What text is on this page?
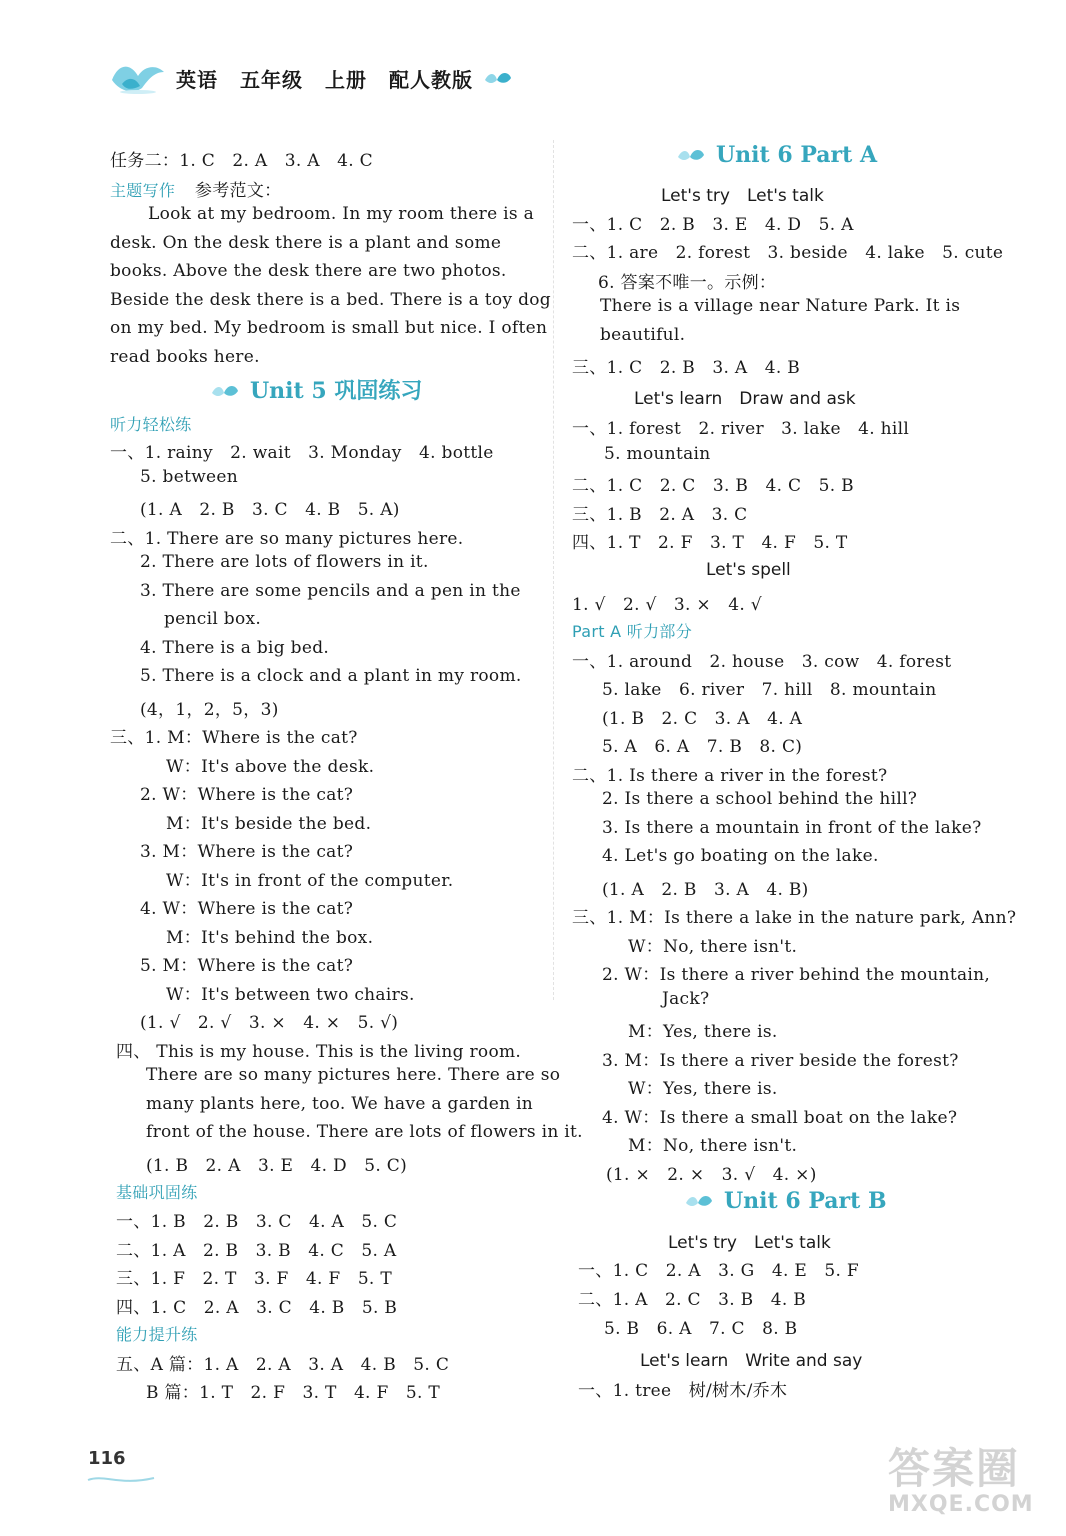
英语 五年级 上册 配人教版
任务二：1. C　2. A　3. A　4. C
主题写作 参考范文：
Look at my bedroom. In my room there is a
desk. On the desk there is a plant and some
books. Above the desk there are two photos.
Beside the desk there is a bed. There is a toy dog
on my bed. My bedroom is small but nice. I often
read books here.
Unit 5 巩固练习
听力轻松练
一、1. rainy　2. wait　3. Monday　4. bottle
5. between
(1. A　2. B　3. C　4. B　5. A)
二、1. There are so many pictures here.
2. There are lots of flowers in it.
3. There are some pencils and a pen in the
pencil box.
4. There is a big bed.
5. There is a clock and a plant in my room.
(4，1，2，5，3)
三、1. M：Where is the cat?
W：It's above the desk.
2. W：Where is the cat?
M：It's beside the bed.
3. M：Where is the cat?
W：It's in front of the computer.
4. W：Where is the cat?
M：It's behind the box.
5. M：Where is the cat?
W：It's between two chairs.
(1. √　2. √　3. ×　4. ×　5. √)
四、 This is my house. This is the living room.
There are so many pictures here. There are so
many plants here, too. We have a garden in
front of the house. There are lots of flowers in it.
(1. B　2. A　3. E　4. D　5. C)
基础巩固练
一、1. B　2. B　3. C　4. A　5. C
二、1. A　2. B　3. B　4. C　5. A
三、1. F　2. T　3. F　4. F　5. T
四、1. C　2. A　3. C　4. B　5. B
能力提升练
五、A 篇：1. A　2. A　3. A　4. B　5. C
B 篇：1. T　2. F　3. T　4. F　5. T
Unit 6 Part A
Let's try　Let's talk
一、1. C　2. B　3. E　4. D　5. A
二、1. are　2. forest　3. beside　4. lake　5. cute
6. 答案不唯一。示例：
There is a village near Nature Park. It is
beautiful.
三、1. C　2. B　3. A　4. B
Let's learn　Draw and ask
一、1. forest　2. river　3. lake　4. hill
5. mountain
二、1. C　2. C　3. B　4. C　5. B
三、1. B　2. A　3. C
四、1. T　2. F　3. T　4. F　5. T
Let's spell
1. √　2. √　3. ×　4. √
Part A 听力部分
一、1. around　2. house　3. cow　4. forest
5. lake　6. river　7. hill　8. mountain
(1. B　2. C　3. A　4. A
5. A　6. A　7. B　8. C)
二、1. Is there a river in the forest?
2. Is there a school behind the hill?
3. Is there a mountain in front of the lake?
4. Let's go boating on the lake.
(1. A　2. B　3. A　4. B)
三、1. M：Is there a lake in the nature park, Ann?
W：No, there isn't.
2. W：Is there a river behind the mountain,
Jack?
M：Yes, there is.
3. M：Is there a river beside the forest?
W：Yes, there is.
4. W：Is there a small boat on the lake?
M：No, there isn't.
(1. ×　2. ×　3. √　4. ×)
Unit 6 Part B
Let's try　Let's talk
一、1. C　2. A　3. G　4. E　5. F
二、1. A　2. C　3. B　4. B
5. B　6. A　7. C　8. B
Let's learn　Write and say
一、1. tree　树/树木/乔木
116	答案圈
MXQE.COM
